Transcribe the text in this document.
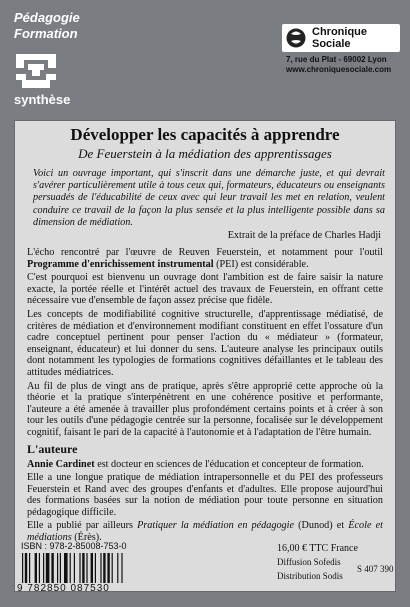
Pédagogie
Formation
synthèse
Chronique
Sociale
7, rue du Plat - 69002 Lyon
www.chroniquesociale.com
Développer les capacités à apprendre
De Feuerstein à la médiation des apprentissages
Voici un ouvrage important, qui s'inscrit dans une démarche juste, et qui devrait s'avérer particulièrement utile à tous ceux qui, formateurs, éducateurs ou enseignants persuadés de l'éducabilité de ceux avec qui leur travail les met en relation, veulent conduire ce travail de la façon la plus sensée et la plus intelligente possible dans sa dimension de médiation.
Extrait de la préface de Charles Hadji

L'écho rencontré par l'œuvre de Reuven Feuerstein, et notamment pour l'outil Programme d'enrichissement instrumental (PEI) est considérable.

C'est pourquoi est bienvenu un ouvrage dont l'ambition est de faire saisir la nature exacte, la portée réelle et l'intérêt actuel des travaux de Feuerstein, en offrant cette nécessaire vue d'ensemble de façon assez précise que fidèle.

Les concepts de modifiabilité cognitive structurelle, d'apprentissage médiatisé, de critères de médiation et d'environnement modifiant constituent en effet l'ossature d'un cadre conceptuel pertinent pour penser l'action du « médiateur » (formateur, enseignant, éducateur) et lui donner du sens. L'auteure analyse les principaux outils dont notamment les typologies de formations cognitives défaillantes et le tableau des attitudes médiatrices.

Au fil de plus de vingt ans de pratique, après s'être approprié cette approche où la théorie et la pratique s'interpénètrent en une cohérence positive et performante, l'auteure a été amenée à travailler plus profondément certains points et à créer à son tour les outils d'une pédagogie centrée sur la personne, focalisée sur le développement cognitif, faisant le pari de la capacité à l'autonomie et à l'adaptation de l'être humain.

L'auteure

Annie Cardinet est docteur en sciences de l'éducation et concepteur de formation.

Elle a une longue pratique de médiation intrapersonnelle et du PEI des professeurs Feuerstein et Rand avec des groupes d'enfants et d'adultes. Elle propose aujourd'hui des formations basées sur la notion de médiation pour toute personne en situation pédagogique difficile.

Elle a publié par ailleurs Pratiquer la médiation en pédagogie (Dunod) et École et médiations (Érès).

ISBN : 978-2-85008-753-0
9 782850 087530
16,00 € TTC France
Diffusion Sofedis
Distribution Sodis
S 407 390
